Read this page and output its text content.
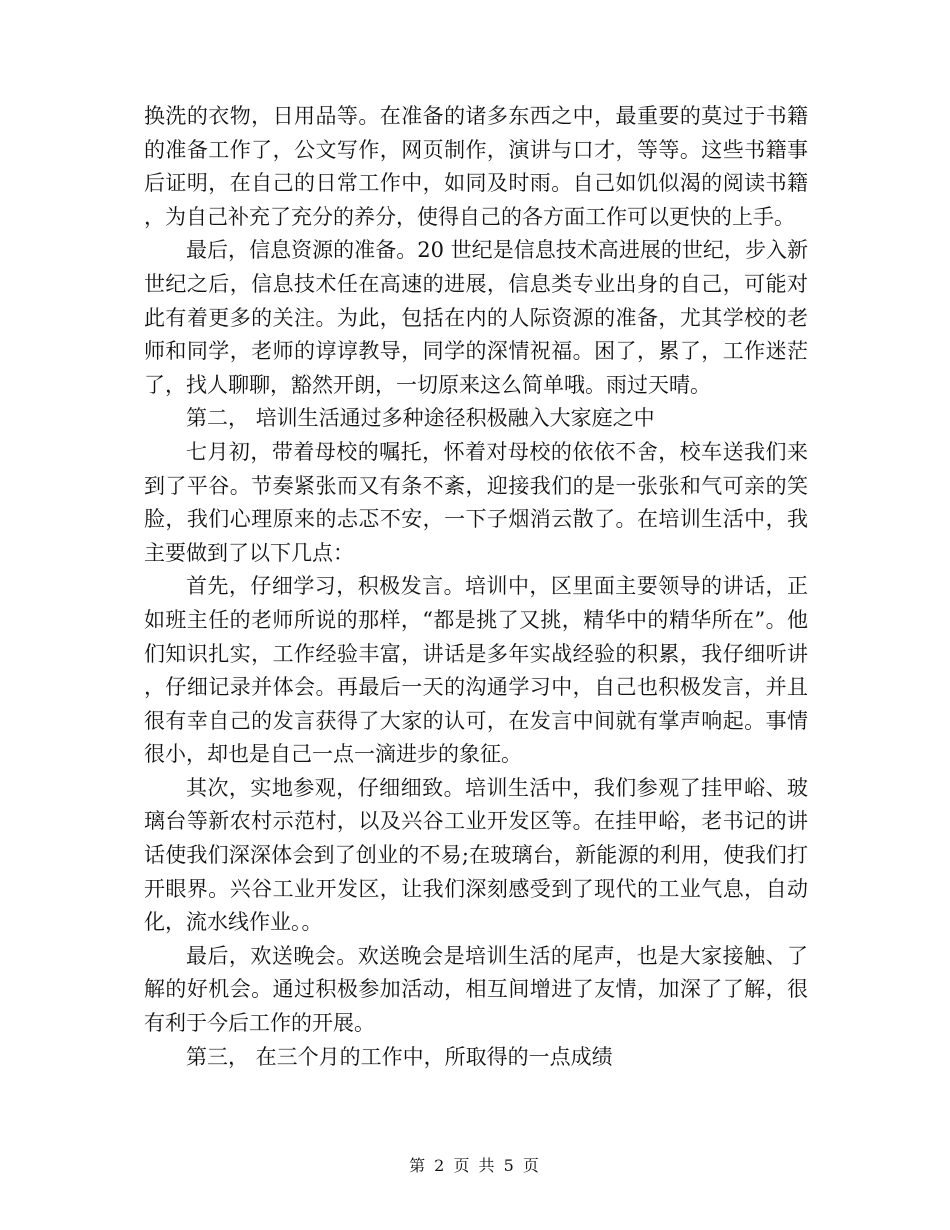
换洗的衣物，日用品等。在准备的诸多东西之中，最重要的莫过于书籍的准备工作了，公文写作，网页制作，演讲与口才，等等。这些书籍事后证明，在自己的日常工作中，如同及时雨。自己如饥似渴的阅读书籍，为自己补充了充分的养分，使得自己的各方面工作可以更快的上手。

最后，信息资源的准备。20 世纪是信息技术高进展的世纪，步入新世纪之后，信息技术任在高速的进展，信息类专业出身的自己，可能对此有着更多的关注。为此，包括在内的人际资源的准备，尤其学校的老师和同学，老师的谆谆教导，同学的深情祝福。困了，累了，工作迷茫了，找人聊聊，豁然开朗，一切原来这么简单哦。雨过天晴。

第二， 培训生活通过多种途径积极融入大家庭之中

七月初，带着母校的嘱托，怀着对母校的依依不舍，校车送我们来到了平谷。节奏紧张而又有条不紊，迎接我们的是一张张和气可亲的笑脸，我们心理原来的忐忑不安，一下子烟消云散了。在培训生活中，我主要做到了以下几点：

首先，仔细学习，积极发言。培训中，区里面主要领导的讲话，正如班主任的老师所说的那样，“都是挑了又挑，精华中的精华所在”。他们知识扎实，工作经验丰富，讲话是多年实战经验的积累，我仔细听讲，仔细记录并体会。再最后一天的沟通学习中，自己也积极发言，并且很有幸自己的发言获得了大家的认可，在发言中间就有掌声响起。事情很小，却也是自己一点一滴进步的象征。

其次，实地参观，仔细细致。培训生活中，我们参观了挂甲峪、玻璃台等新农村示范村，以及兴谷工业开发区等。在挂甲峪，老书记的讲话使我们深深体会到了创业的不易;在玻璃台，新能源的利用，使我们打开眼界。兴谷工业开发区，让我们深刻感受到了现代的工业气息，自动化，流水线作业。。

最后，欢送晚会。欢送晚会是培训生活的尾声，也是大家接触、了解的好机会。通过积极参加活动，相互间增进了友情，加深了了解，很有利于今后工作的开展。

第三， 在三个月的工作中，所取得的一点成绩

第 2 页 共 5 页
